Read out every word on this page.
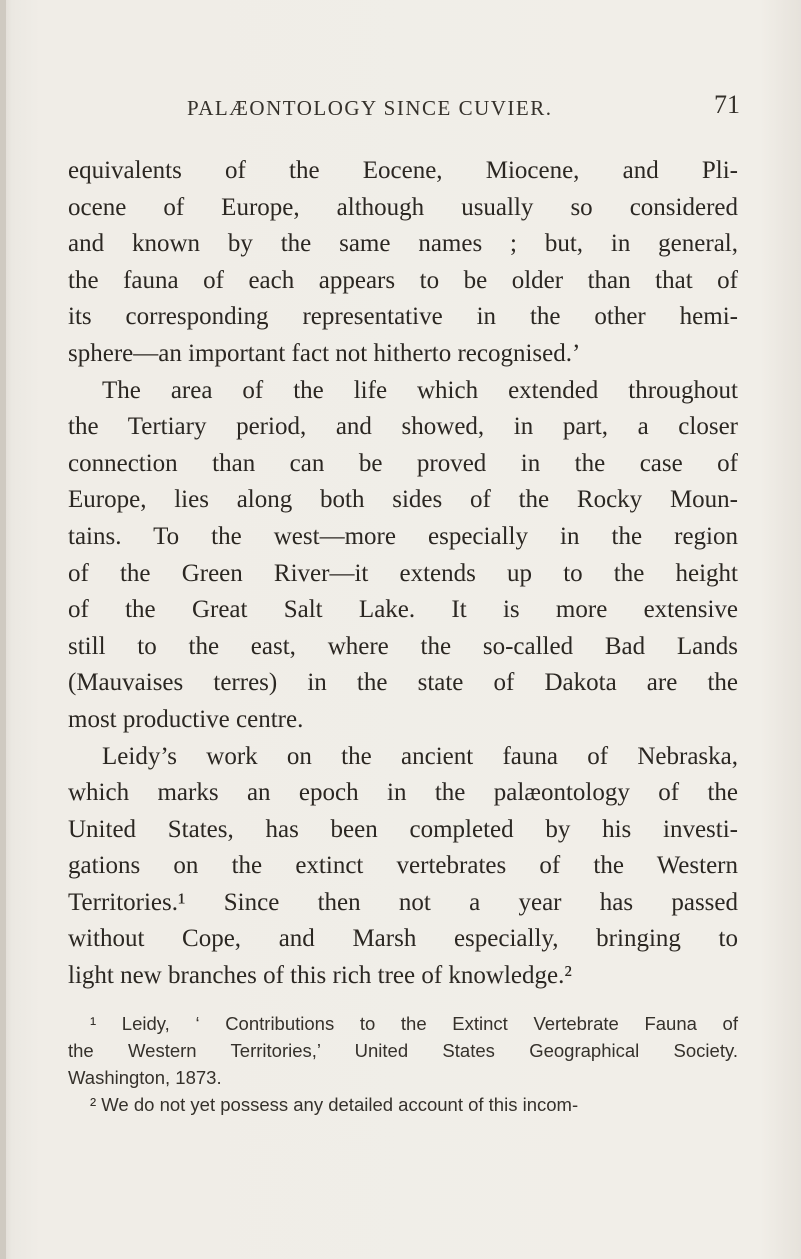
PALÆONTOLOGY SINCE CUVIER.	71
equivalents of the Eocene, Miocene, and Pli-
ocene of Europe, although usually so considered
and known by the same names ; but, in general,
the fauna of each appears to be older than that of
its corresponding representative in the other hemi-
sphere—an important fact not hitherto recognised.’
The area of the life which extended throughout
the Tertiary period, and showed, in part, a closer
connection than can be proved in the case of
Europe, lies along both sides of the Rocky Moun-
tains. To the west—more especially in the region
of the Green River—it extends up to the height
of the Great Salt Lake. It is more extensive
still to the east, where the so-called Bad Lands
(Mauvaises terres) in the state of Dakota are the
most productive centre.
Leidy’s work on the ancient fauna of Nebraska,
which marks an epoch in the palæontology of the
United States, has been completed by his investi-
gations on the extinct vertebrates of the Western
Territories.¹ Since then not a year has passed
without Cope, and Marsh especially, bringing to
light new branches of this rich tree of knowledge.²
¹ Leidy, ‘ Contributions to the Extinct Vertebrate Fauna of
the Western Territories,’ United States Geographical Society.
Washington, 1873.
² We do not yet possess any detailed account of this incom-
